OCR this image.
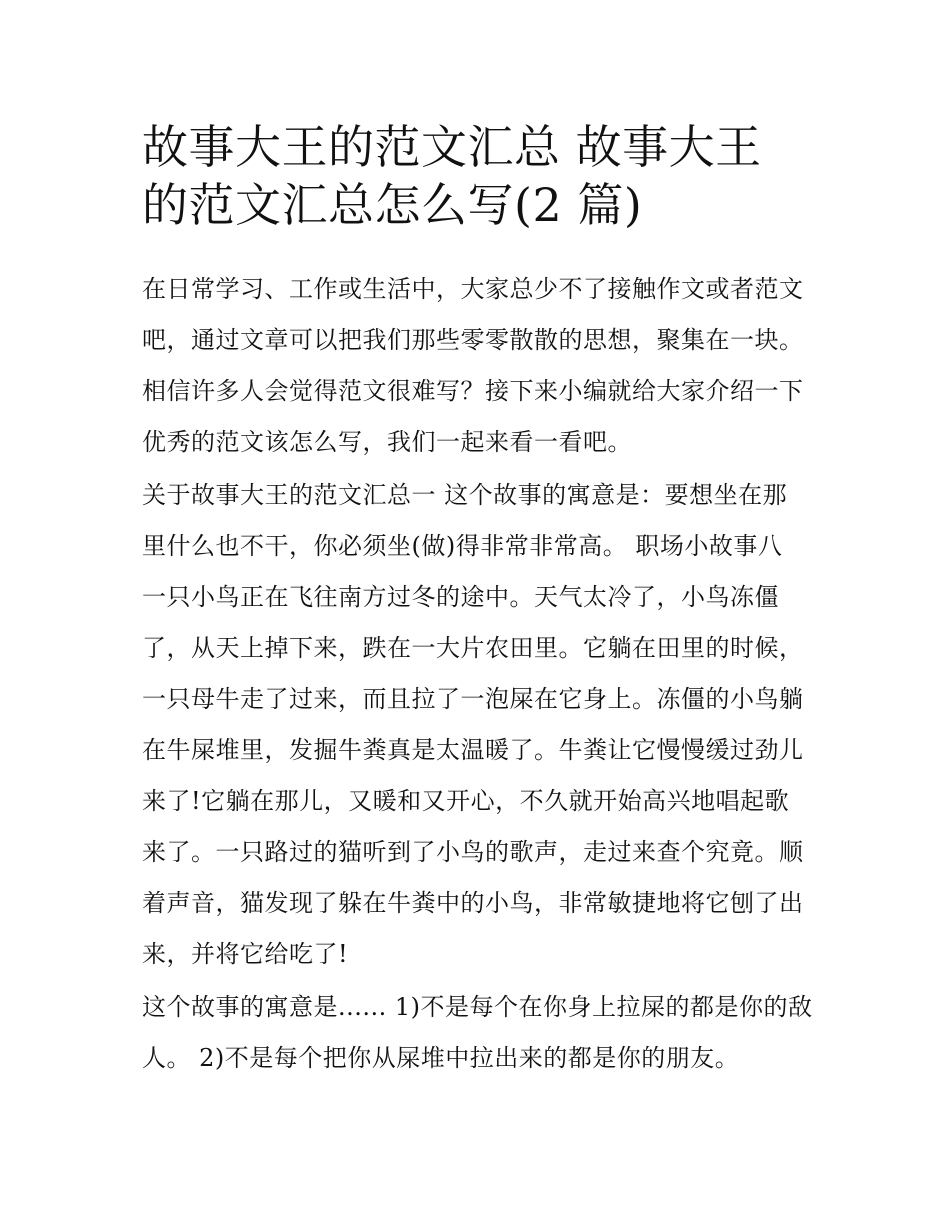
故事大王的范文汇总 故事大王
的范文汇总怎么写(2 篇)

在日常学习、工作或生活中，大家总少不了接触作文或者范文
吧，通过文章可以把我们那些零零散散的思想，聚集在一块。
相信许多人会觉得范文很难写？接下来小编就给大家介绍一下
优秀的范文该怎么写，我们一起来看一看吧。

关于故事大王的范文汇总一 这个故事的寓意是：要想坐在那
里什么也不干，你必须坐(做)得非常非常高。 职场小故事八
一只小鸟正在飞往南方过冬的途中。天气太冷了，小鸟冻僵
了，从天上掉下来，跌在一大片农田里。它躺在田里的时候，
一只母牛走了过来，而且拉了一泡屎在它身上。冻僵的小鸟躺
在牛屎堆里，发掘牛粪真是太温暖了。牛粪让它慢慢缓过劲儿
来了!它躺在那儿，又暖和又开心，不久就开始高兴地唱起歌
来了。一只路过的猫听到了小鸟的歌声，走过来查个究竟。顺
着声音，猫发现了躲在牛粪中的小鸟，非常敏捷地将它刨了出
来，并将它给吃了!

这个故事的寓意是...... 1)不是每个在你身上拉屎的都是你的敌
人。 2)不是每个把你从屎堆中拉出来的都是你的朋友。
